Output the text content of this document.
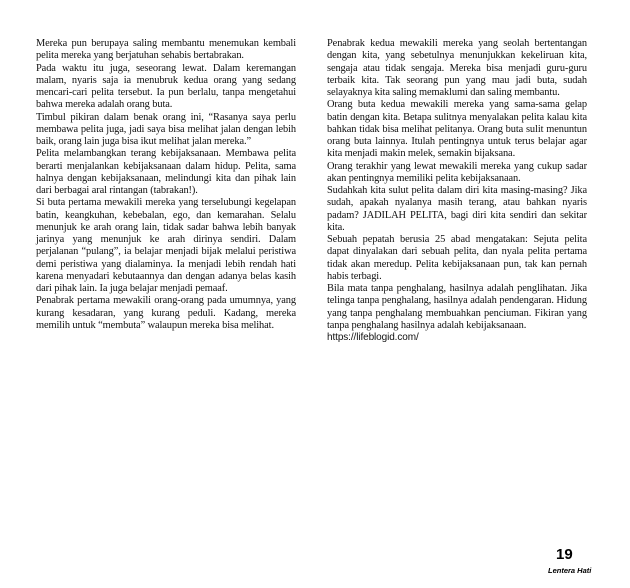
Mereka pun berupaya saling membantu menemukan kembali pelita mereka yang berjatuhan sehabis bertabrakan.

Pada waktu itu juga, seseorang lewat. Dalam keremangan malam, nyaris saja ia menubruk kedua orang yang sedang mencari-cari pelita tersebut. Ia pun berlalu, tanpa mengetahui bahwa mereka adalah orang buta.

Timbul pikiran dalam benak orang ini, “Rasanya saya perlu membawa pelita juga, jadi saya bisa melihat jalan dengan lebih baik, orang lain juga bisa ikut melihat jalan mereka.”

Pelita melambangkan terang kebijaksanaan. Membawa pelita berarti menjalankan kebijaksanaan dalam hidup. Pelita, sama halnya dengan kebijaksanaan, melindungi kita dan pihak lain dari berbagai aral rintangan (tabrakan!).

Si buta pertama mewakili mereka yang terselubungi kegelapan batin, keangkuhan, kebebalan, ego, dan kemarahan. Selalu menunjuk ke arah orang lain, tidak sadar bahwa lebih banyak jarinya yang menunjuk ke arah dirinya sendiri. Dalam perjalanan “pulang”, ia belajar menjadi bijak melalui peristiwa demi peristiwa yang dialaminya. Ia menjadi lebih rendah hati karena menyadari kebutaannya dan dengan adanya belas kasih dari pihak lain. Ia juga belajar menjadi pemaaf.

Penabrak pertama mewakili orang-orang pada umumnya, yang kurang kesadaran, yang kurang peduli. Kadang, mereka memilih untuk “membuta” walaupun mereka bisa melihat.

Penabrak kedua mewakili mereka yang seolah bertentangan dengan kita, yang sebetulnya menunjukkan kekeliruan kita, sengaja atau tidak sengaja. Mereka bisa menjadi guru-guru terbaik kita. Tak seorang pun yang mau jadi buta, sudah selayaknya kita saling memaklumi dan saling membantu.

Orang buta kedua mewakili mereka yang sama-sama gelap batin dengan kita. Betapa sulitnya menyalakan pelita kalau kita bahkan tidak bisa melihat pelitanya. Orang buta sulit menuntun orang buta lainnya. Itulah pentingnya untuk terus belajar agar kita menjadi makin melek, semakin bijaksana.

Orang terakhir yang lewat mewakili mereka yang cukup sadar akan pentingnya memiliki pelita kebijaksanaan.

Sudahkah kita sulut pelita dalam diri kita masing-masing? Jika sudah, apakah nyalanya masih terang, atau bahkan nyaris padam? JADILAH PELITA, bagi diri kita sendiri dan sekitar kita.

Sebuah pepatah berusia 25 abad mengatakan: Sejuta pelita dapat dinyalakan dari sebuah pelita, dan nyala pelita pertama tidak akan meredup. Pelita kebijaksanaan pun, tak kan pernah habis terbagi.

Bila mata tanpa penghalang, hasilnya adalah penglihatan. Jika telinga tanpa penghalang, hasilnya adalah pendengaran. Hidung yang tanpa penghalang membuahkan penciuman. Fikiran yang tanpa penghalang hasilnya adalah kebijaksanaan.

https://lifeblogid.com/

19
Lentera Hati
